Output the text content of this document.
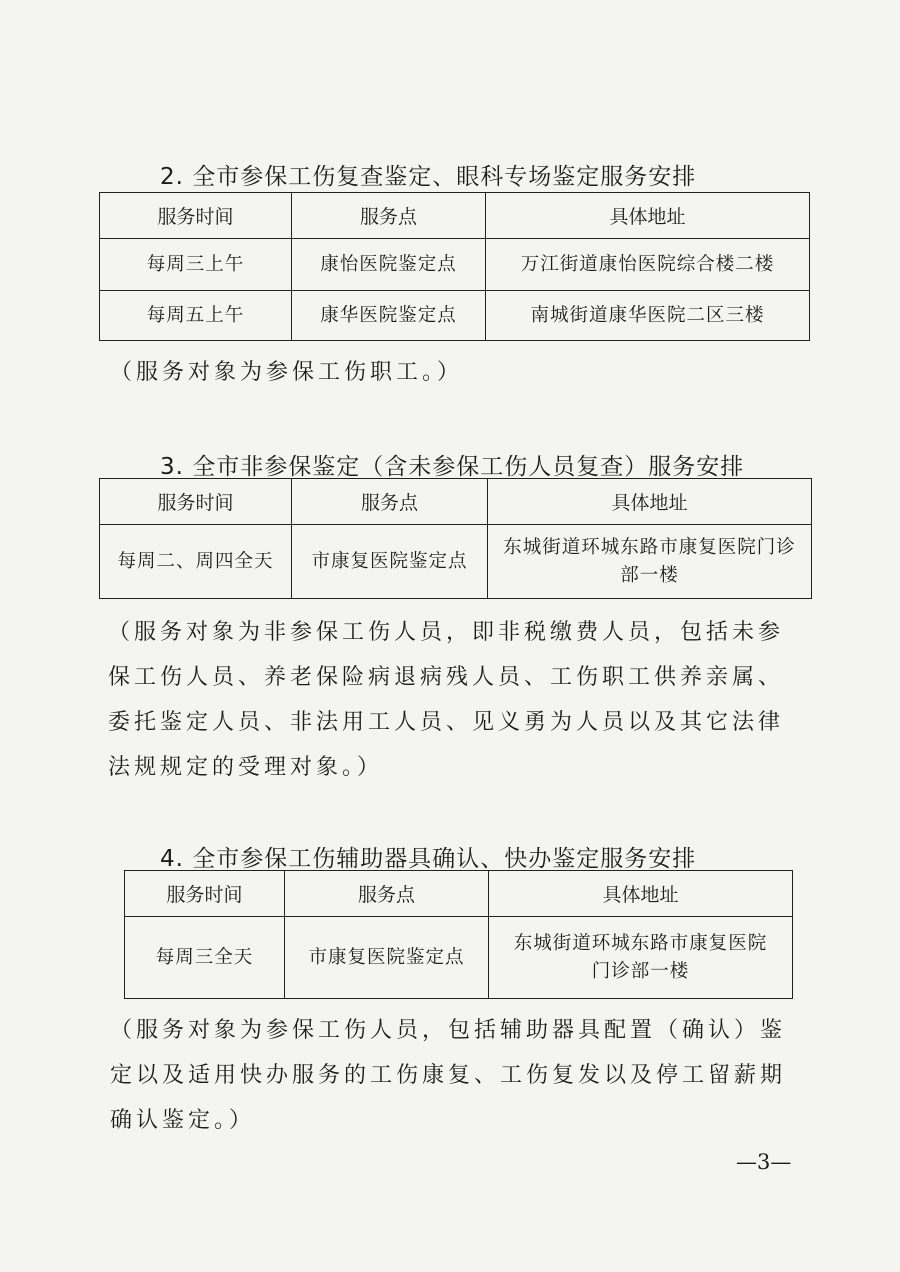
2. 全市参保工伤复查鉴定、眼科专场鉴定服务安排
服务时间	服务点	具体地址
每周三上午	康怡医院鉴定点	万江街道康怡医院综合楼二楼
每周五上午	康华医院鉴定点	南城街道康华医院二区三楼

（服务对象为参保工伤职工。）

3. 全市非参保鉴定（含未参保工伤人员复查）服务安排
服务时间	服务点	具体地址
每周二、周四全天	市康复医院鉴定点	东城街道环城东路市康复医院门诊部一楼

（服务对象为非参保工伤人员，即非税缴费人员，包括未参保工伤人员、养老保险病退病残人员、工伤职工供养亲属、委托鉴定人员、非法用工人员、见义勇为人员以及其它法律法规规定的受理对象。）

4. 全市参保工伤辅助器具确认、快办鉴定服务安排
服务时间	服务点	具体地址
每周三全天	市康复医院鉴定点	东城街道环城东路市康复医院门诊部一楼

（服务对象为参保工伤人员，包括辅助器具配置（确认）鉴定以及适用快办服务的工伤康复、工伤复发以及停工留薪期确认鉴定。）

—3—
